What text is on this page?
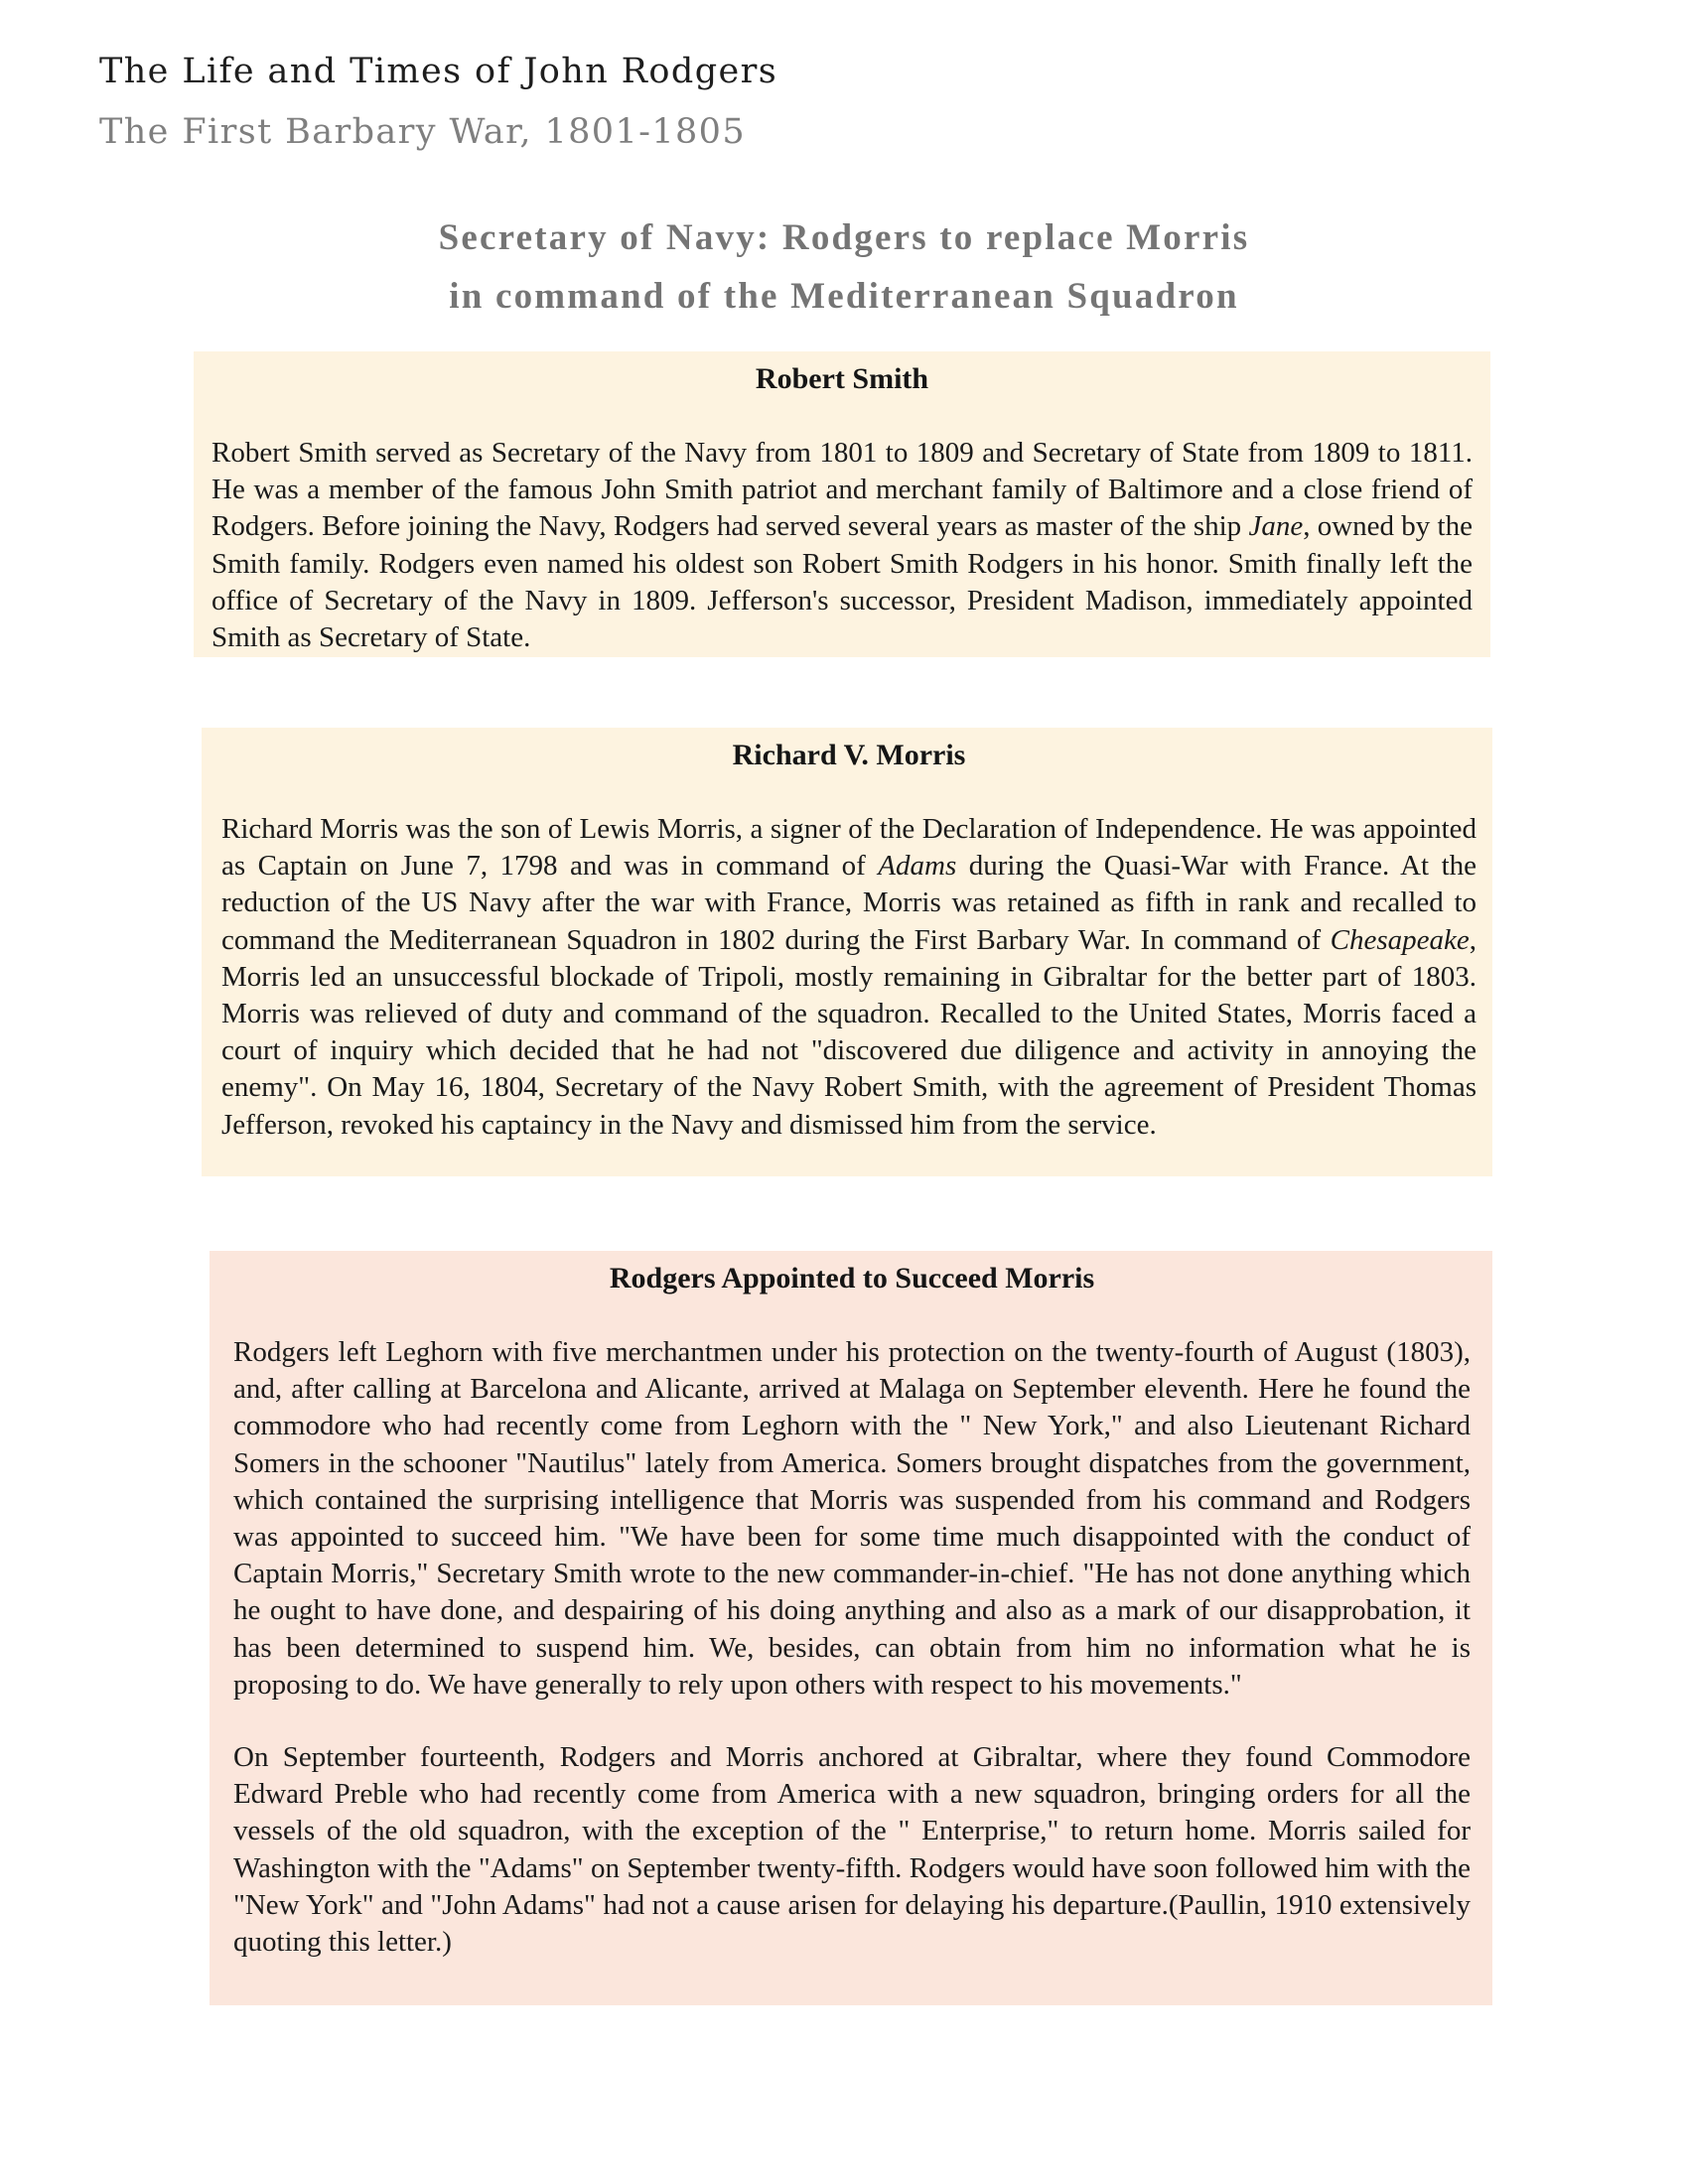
The Life and Times of John Rodgers
The First Barbary War, 1801-1805
Secretary of Navy: Rodgers to replace Morris
in command of the Mediterranean Squadron
Robert Smith

Robert Smith served as Secretary of the Navy from 1801 to 1809 and Secretary of State from 1809 to 1811. He was a member of the famous John Smith patriot and merchant family of Baltimore and a close friend of Rodgers. Before joining the Navy, Rodgers had served several years as master of the ship Jane, owned by the Smith family. Rodgers even named his oldest son Robert Smith Rodgers in his honor. Smith finally left the office of Secretary of the Navy in 1809. Jefferson's successor, President Madison, immediately appointed Smith as Secretary of State.

Richard V. Morris

Richard Morris was the son of Lewis Morris, a signer of the Declaration of Independence. He was appointed as Captain on June 7, 1798 and was in command of Adams during the Quasi-War with France. At the reduction of the US Navy after the war with France, Morris was retained as fifth in rank and recalled to command the Mediterranean Squadron in 1802 during the First Barbary War. In command of Chesapeake, Morris led an unsuccessful blockade of Tripoli, mostly remaining in Gibraltar for the better part of 1803. Morris was relieved of duty and command of the squadron. Recalled to the United States, Morris faced a court of inquiry which decided that he had not "discovered due diligence and activity in annoying the enemy". On May 16, 1804, Secretary of the Navy Robert Smith, with the agreement of President Thomas Jefferson, revoked his captaincy in the Navy and dismissed him from the service.

Rodgers Appointed to Succeed Morris

Rodgers left Leghorn with five merchantmen under his protection on the twenty-fourth of August (1803), and, after calling at Barcelona and Alicante, arrived at Malaga on September eleventh. Here he found the commodore who had recently come from Leghorn with the " New York," and also Lieutenant Richard Somers in the schooner "Nautilus" lately from America. Somers brought dispatches from the government, which contained the surprising intelligence that Morris was suspended from his command and Rodgers was appointed to succeed him. "We have been for some time much disappointed with the conduct of Captain Morris," Secretary Smith wrote to the new commander-in-chief. "He has not done anything which he ought to have done, and despairing of his doing anything and also as a mark of our disapprobation, it has been determined to suspend him. We, besides, can obtain from him no information what he is proposing to do. We have generally to rely upon others with respect to his movements."

On September fourteenth, Rodgers and Morris anchored at Gibraltar, where they found Commodore Edward Preble who had recently come from America with a new squadron, bringing orders for all the vessels of the old squadron, with the exception of the " Enterprise," to return home. Morris sailed for Washington with the "Adams" on September twenty-fifth. Rodgers would have soon followed him with the "New York" and "John Adams" had not a cause arisen for delaying his departure.(Paullin, 1910 extensively quoting this letter.)
